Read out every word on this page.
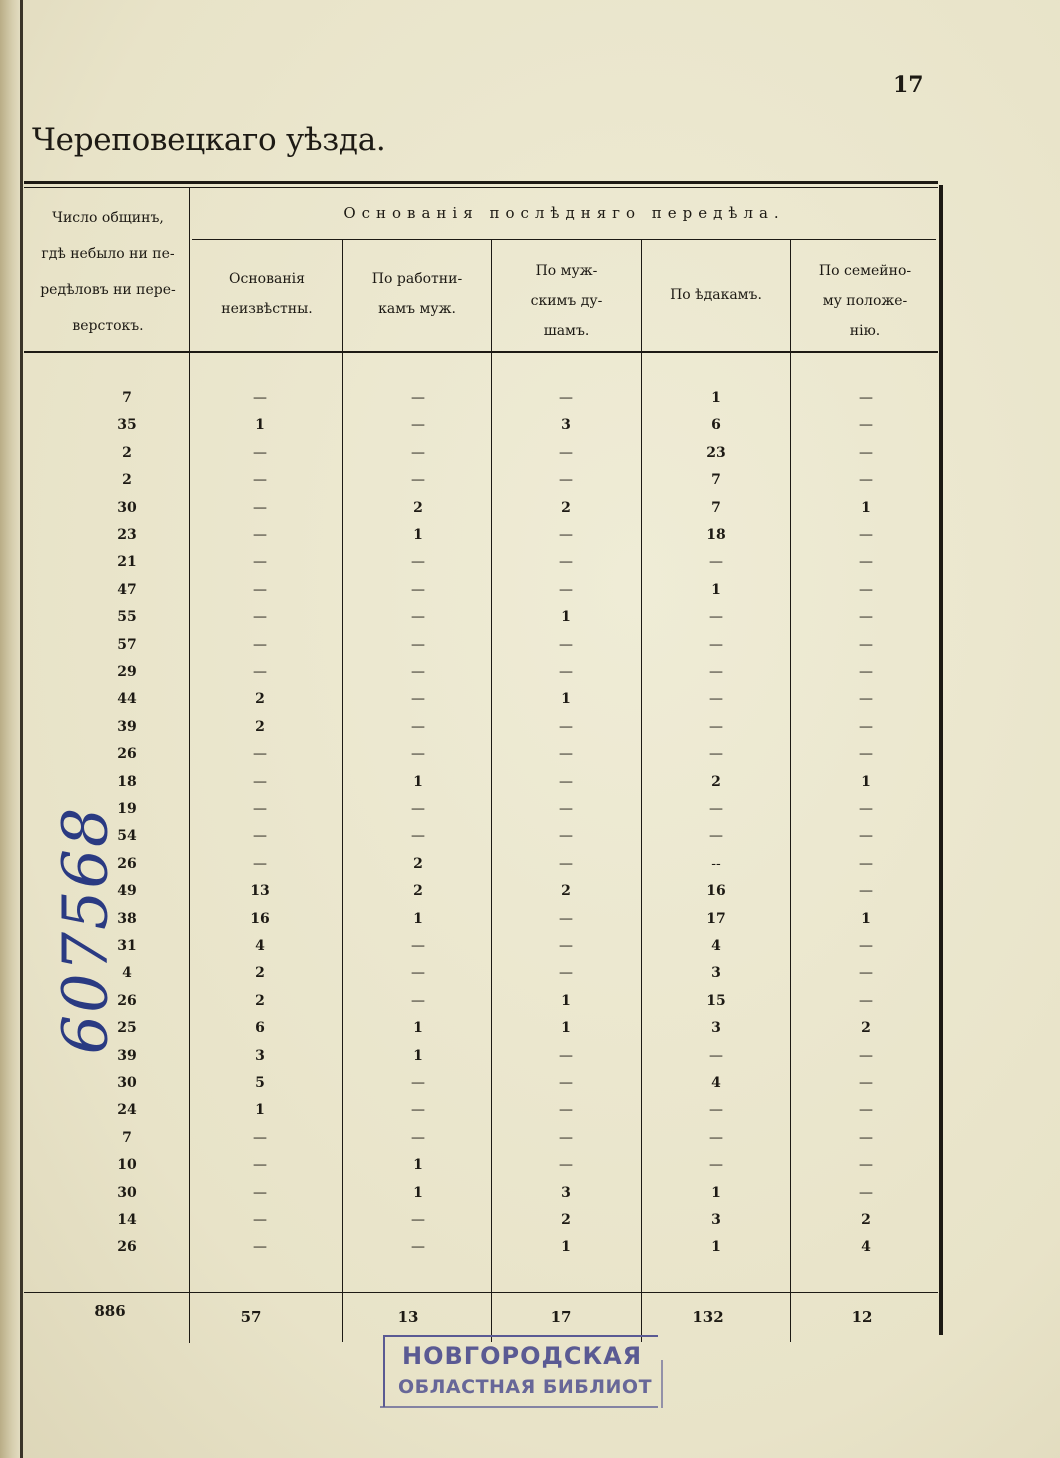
17
Череповецкаго уѣзда.
Число общинъ,
гдѣ небыло ни пе-
редѣловъ ни пере-
верстокъ.
Основанія послѣдняго передѣла.
Основанія
неизвѣстны.
По работни-
камъ муж.
По муж-
скимъ ду-
шамъ.
По ѣдакамъ.
По семейно-
му положе-
нію.
7	—	—	—	1	—
35	1	—	3	6	—
2	—	—	—	23	—
2	—	—	—	7	—
30	—	2	2	7	1
23	—	1	—	18	—
21	—	—	—	—	—
47	—	—	—	1	—
55	—	—	1	—	—
57	—	—	—	—	—
29	—	—	—	—	—
44	2	—	1	—	—
39	2	—	—	—	—
26	—	—	—	—	—
18	—	1	—	2	1
19	—	—	—	—	—
54	—	—	—	—	—
26	—	2	—	--	—
49	13	2	2	16	—
38	16	1	—	17	1
31	4	—	—	4	—
4	2	—	—	3	—
26	2	—	1	15	—
25	6	1	1	3	2
39	3	1	—	—	—
30	5	—	—	4	—
24	1	—	—	—	—
7	—	—	—	—	—
10	—	1	—	—	—
30	—	1	3	1	—
14	—	—	2	3	2
26	—	—	1	1	4
886	57	13	17	132	12
607568
НОВГОРОДСКАЯ
ОБЛАСТНАЯ БИБЛИОТ
